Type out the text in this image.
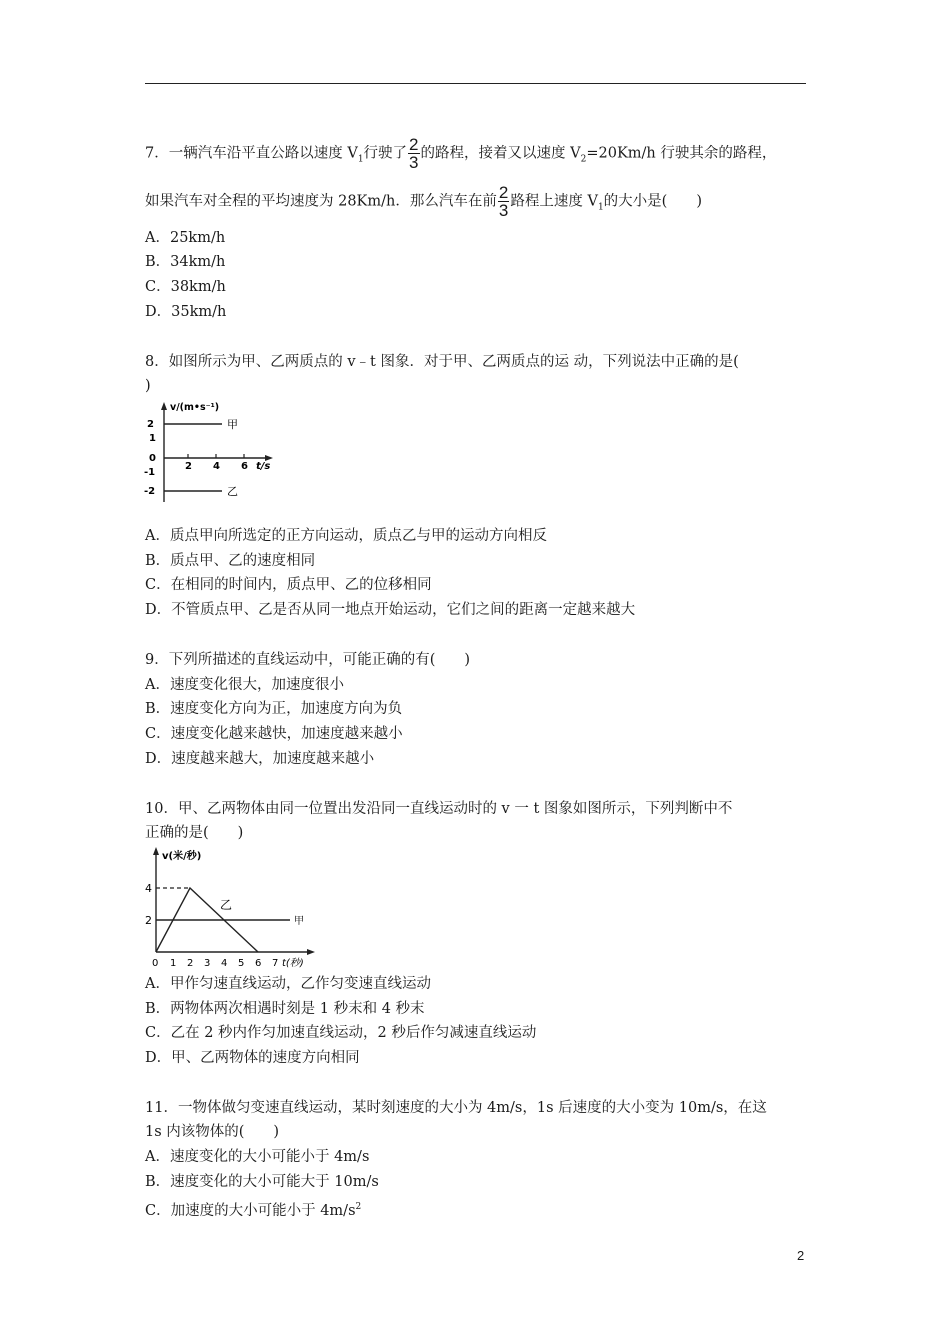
7．一辆汽车沿平直公路以速度 $V_1$行驶了 $\frac{2}{3}$ 的路程，接着又以速度 $V_2=20Km/h$ 行驶其余的路程，
如果汽车对全程的平均速度为 28Km/h．那么汽车在前 $\frac{2}{3}$ 路程上速度 $V_1$的大小是(　　)
A．25km/h
B．34km/h
C．38km/h
D．35km/h
8．如图所示为甲、乙两质点的 v﹣t 图象．对于甲、乙两质点的运 动，下列说法中正确的是(
)
v/(m•s⁻¹)
2
1
0
-1
-2
2 4 6 t/s
甲
乙
A．质点甲向所选定的正方向运动，质点乙与甲的运动方向相反
B．质点甲、乙的速度相同
C．在相同的时间内，质点甲、乙的位移相同
D．不管质点甲、乙是否从同一地点开始运动，它们之间的距离一定越来越大
9．下列所描述的直线运动中，可能正确的有(　　)
A．速度变化很大，加速度很小
B．速度变化方向为正，加速度方向为负
C．速度变化越来越快，加速度越来越小
D．速度越来越大，加速度越来越小
10．甲、乙两物体由同一位置出发沿同一直线运动时的 v 一 t 图象如图所示，下列判断中不
正确的是(　　)
v(米/秒)
4
2	甲
乙
0 1 2 3 4 5 6 7 t(秒)
A．甲作匀速直线运动，乙作匀变速直线运动
B．两物体两次相遇时刻是 1 秒末和 4 秒末
C．乙在 2 秒内作匀加速直线运动，2 秒后作匀减速直线运动
D．甲、乙两物体的速度方向相同
11．一物体做匀变速直线运动，某时刻速度的大小为 4m/s，1s 后速度的大小变为 10m/s，在这
1s 内该物体的(　　)
A．速度变化的大小可能小于 4m/s
B．速度变化的大小可能大于 10m/s
C．加速度的大小可能小于 $4m/s^2$
2
